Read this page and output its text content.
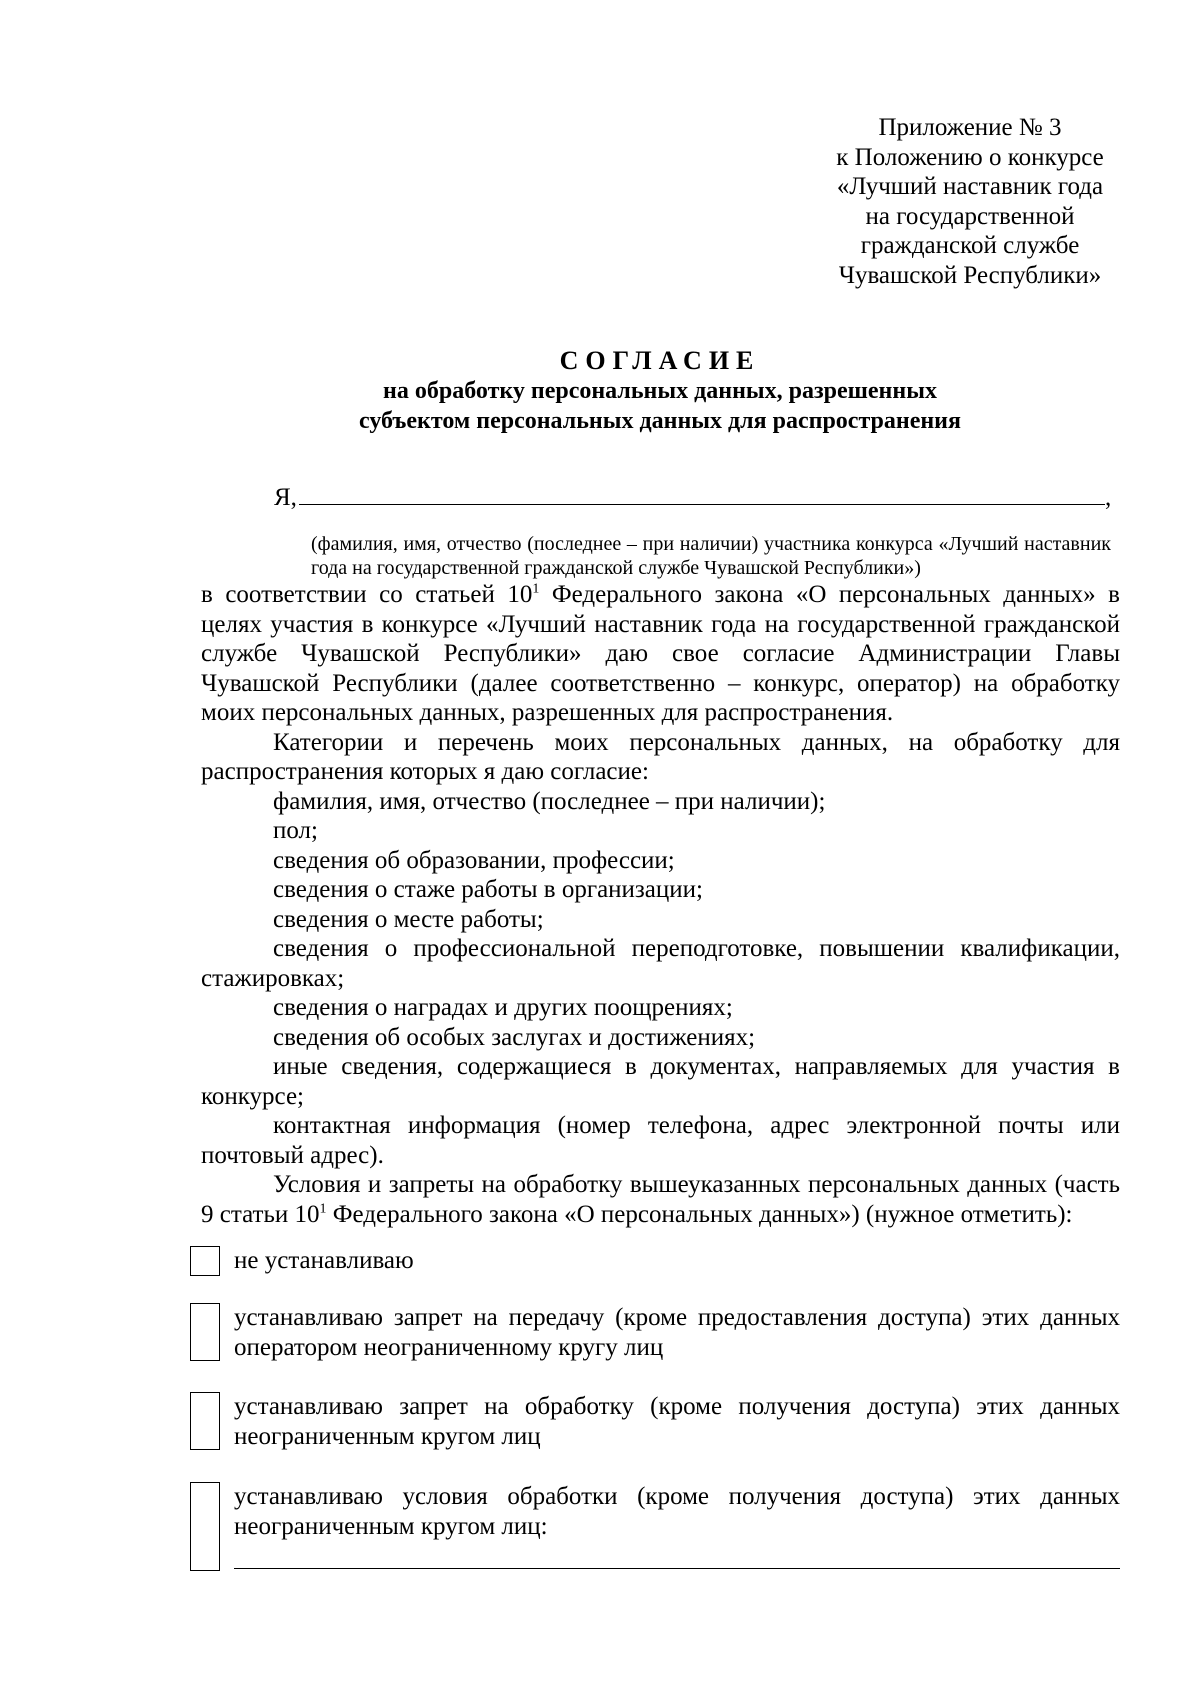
Приложение № 3
к Положению о конкурсе
«Лучший наставник года
на государственной
гражданской службе
Чувашской Республики»
СОГЛАСИЕ
на обработку персональных данных, разрешенных
субъектом персональных данных для распространения
Я,	,

(фамилия, имя, отчество (последнее – при наличии) участника конкурса «Лучший наставник года на государственной гражданской службе Чувашской Республики»)

в соответствии со статьей $10^1$ Федерального закона «О персональных данных» в целях участия в конкурсе «Лучший наставник года на государственной гражданской службе Чувашской Республики» даю свое согласие Администрации Главы Чувашской Республики (далее соответственно – конкурс, оператор) на обработку моих персональных данных, разрешенных для распространения.

Категории и перечень моих персональных данных, на обработку для распространения которых я даю согласие:

фамилия, имя, отчество (последнее – при наличии);

пол;

сведения об образовании, профессии;

сведения о стаже работы в организации;

сведения о месте работы;

сведения о профессиональной переподготовке, повышении квалификации, стажировках;

сведения о наградах и других поощрениях;

сведения об особых заслугах и достижениях;

иные сведения, содержащиеся в документах, направляемых для участия в конкурсе;

контактная информация (номер телефона, адрес электронной почты или почтовый адрес).

Условия и запреты на обработку вышеуказанных персональных данных (часть 9 статьи $10^1$ Федерального закона «О персональных данных») (нужное отметить):

не устанавливаю
устанавливаю запрет на передачу (кроме предоставления доступа) этих данных оператором неограниченному кругу лиц
устанавливаю запрет на обработку (кроме получения доступа) этих данных неограниченным кругом лиц
устанавливаю условия обработки (кроме получения доступа) этих данных неограниченным кругом лиц:
